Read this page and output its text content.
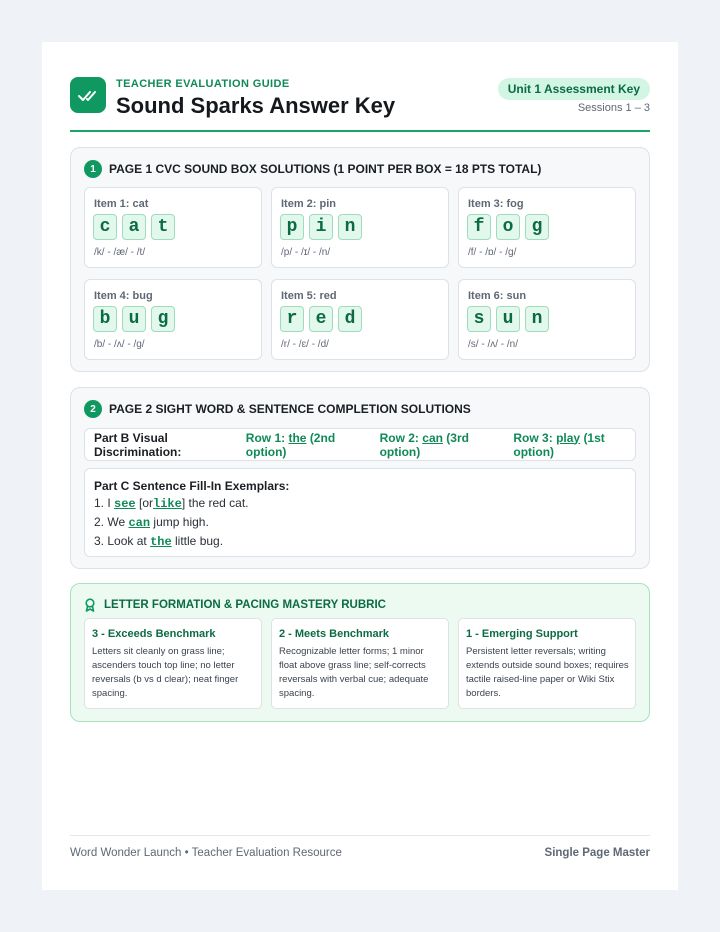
TEACHER EVALUATION GUIDE
Sound Sparks Answer Key
Unit 1 Assessment Key
Sessions 1 – 3
1	PAGE 1 CVC SOUND BOX SOLUTIONS (1 POINT PER BOX = 18 PTS TOTAL)
Item 1: cat
c	a	t
/k/ - /æ/ - /t/
Item 2: pin
p	i	n
/p/ - /ɪ/ - /n/
Item 3: fog
f	o	g
/f/ - /ɒ/ - /g/
Item 4: bug
b	u	g
/b/ - /ʌ/ - /g/
Item 5: red
r	e	d
/r/ - /ɛ/ - /d/
Item 6: sun
s	u	n
/s/ - /ʌ/ - /n/
2	PAGE 2 SIGHT WORD & SENTENCE COMPLETION SOLUTIONS
Part B Visual Discrimination:
Row 1: the (2nd option)
Row 2: can (3rd option)
Row 3: play (1st option)
Part C Sentence Fill-In Exemplars:
1. I see [orlike] the red cat.
2. We can jump high.
3. Look at the little bug.
LETTER FORMATION & PACING MASTERY RUBRIC
3 - Exceeds Benchmark
Letters sit cleanly on grass line; ascenders touch top line; no letter reversals (b vs d clear); neat finger spacing.
2 - Meets Benchmark
Recognizable letter forms; 1 minor float above grass line; self-corrects reversals with verbal cue; adequate spacing.
1 - Emerging Support
Persistent letter reversals; writing extends outside sound boxes; requires tactile raised-line paper or Wiki Stix borders.
Word Wonder Launch • Teacher Evaluation Resource	Single Page Master
